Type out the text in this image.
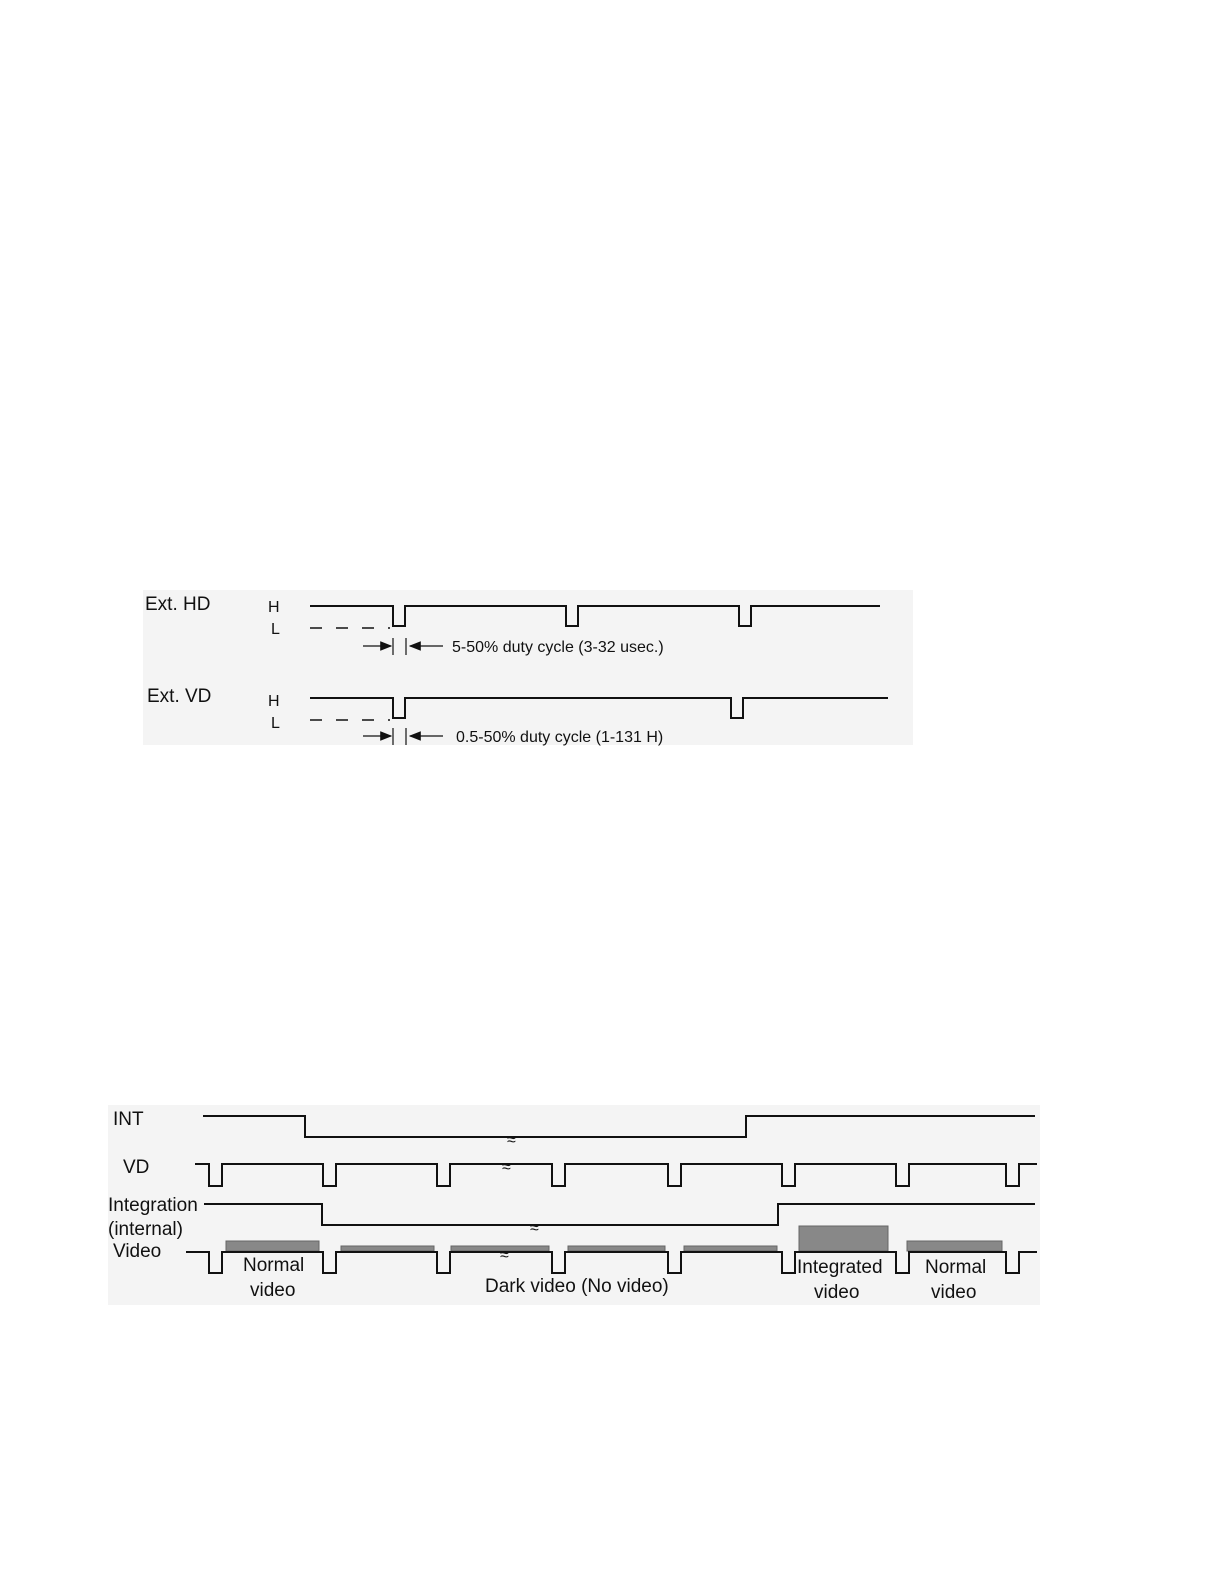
Ext. HD	H
L
5-50% duty cycle (3-32 usec.)
Ext. VD	H
L
0.5-50% duty cycle (1-131 H)
INT
VD
Integration
(internal)
Video
≈
≈
≈
≈
Normal
video	Dark video (No video)
Integrated
video
Normal
video
